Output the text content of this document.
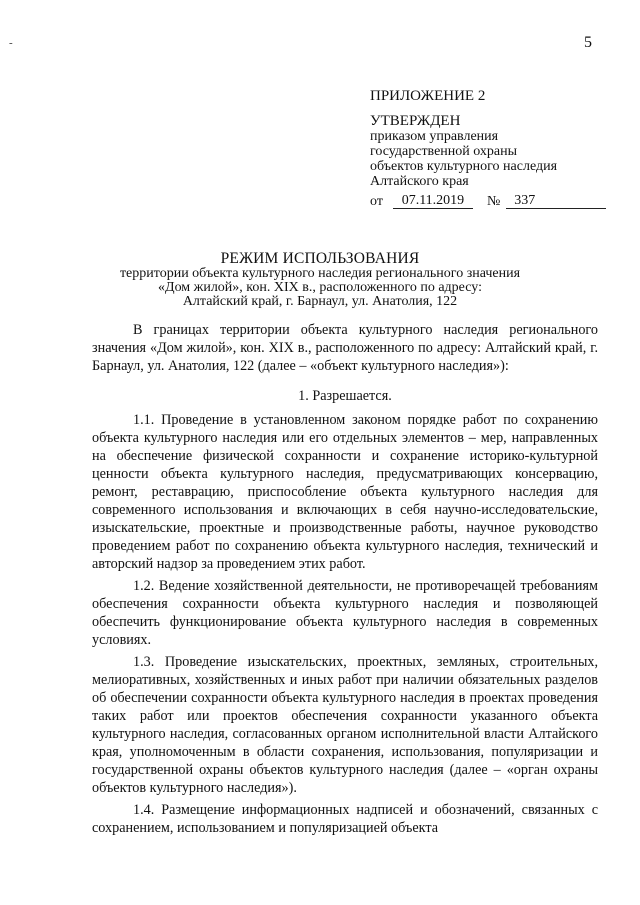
-	5
ПРИЛОЖЕНИЕ 2
УТВЕРЖДЕН
приказом управления
государственной охраны
объектов культурного наследия
Алтайского края
от	07.11.2019	№	337
РЕЖИМ ИСПОЛЬЗОВАНИЯ
территории объекта культурного наследия регионального значения
«Дом жилой», кон. XIX в., расположенного по адресу:
Алтайский край, г. Барнаул, ул. Анатолия, 122

В границах территории объекта культурного наследия регионального значения «Дом жилой», кон. XIX в., расположенного по адресу: Алтайский край, г. Барнаул, ул. Анатолия, 122 (далее – «объект культурного наследия»):

1. Разрешается.

1.1. Проведение в установленном законом порядке работ по сохранению объекта культурного наследия или его отдельных элементов – мер, направленных на обеспечение физической сохранности и сохранение историко-культурной ценности объекта культурного наследия, предусматривающих консервацию, ремонт, реставрацию, приспособление объекта культурного наследия для современного использования и включающих в себя научно-исследовательские, изыскательские, проектные и производственные работы, научное руководство проведением работ по сохранению объекта культурного наследия, технический и авторский надзор за проведением этих работ.

1.2. Ведение хозяйственной деятельности, не противоречащей требованиям обеспечения сохранности объекта культурного наследия и позволяющей обеспечить функционирование объекта культурного наследия в современных условиях.

1.3. Проведение изыскательских, проектных, земляных, строительных, мелиоративных, хозяйственных и иных работ при наличии обязательных разделов об обеспечении сохранности объекта культурного наследия в проектах проведения таких работ или проектов обеспечения сохранности указанного объекта культурного наследия, согласованных органом исполнительной власти Алтайского края, уполномоченным в области сохранения, использования, популяризации и государственной охраны объектов культурного наследия (далее – «орган охраны объектов культурного наследия»).

1.4. Размещение информационных надписей и обозначений, связанных с сохранением, использованием и популяризацией объекта
